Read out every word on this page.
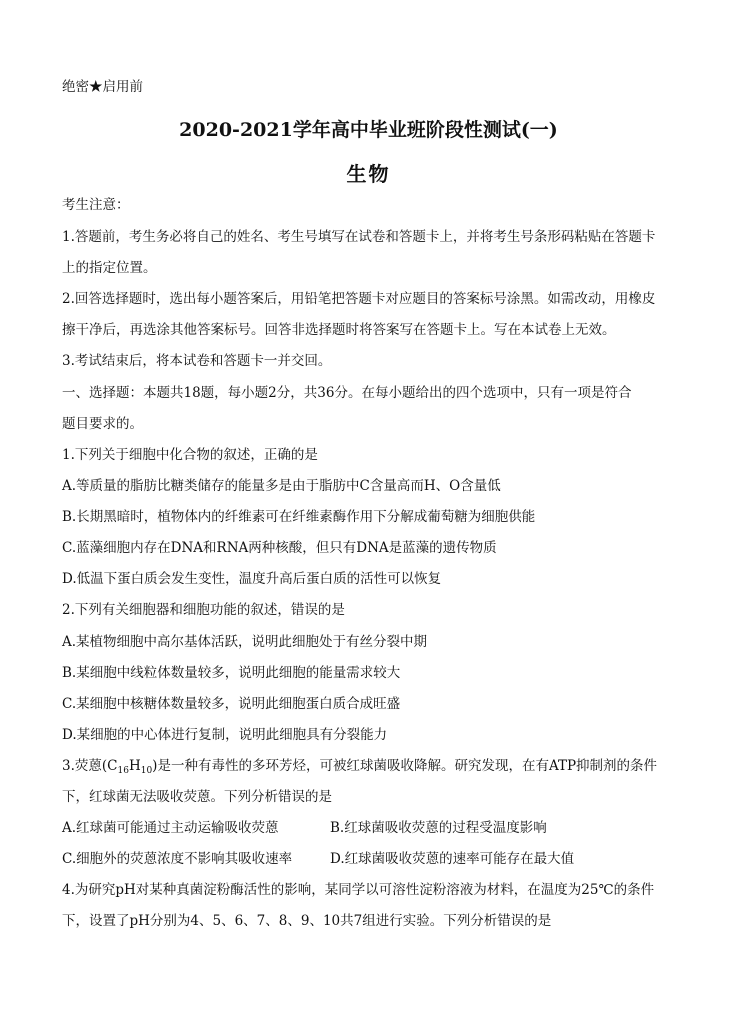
绝密★启用前
2020-2021学年高中毕业班阶段性测试(一)
生物
考生注意：
1.答题前，考生务必将自己的姓名、考生号填写在试卷和答题卡上，并将考生号条形码粘贴在答题卡
上的指定位置。
2.回答选择题时，选出每小题答案后，用铅笔把答题卡对应题目的答案标号涂黑。如需改动，用橡皮
擦干净后，再选涂其他答案标号。回答非选择题时将答案写在答题卡上。写在本试卷上无效。
3.考试结束后，将本试卷和答题卡一并交回。
一、选择题：本题共18题，每小题2分，共36分。在每小题给出的四个选项中，只有一项是符合
题目要求的。
1.下列关于细胞中化合物的叙述，正确的是
A.等质量的脂肪比糖类储存的能量多是由于脂肪中C含量高而H、O含量低
B.长期黑暗时，植物体内的纤维素可在纤维素酶作用下分解成葡萄糖为细胞供能
C.蓝藻细胞内存在DNA和RNA两种核酸，但只有DNA是蓝藻的遗传物质
D.低温下蛋白质会发生变性，温度升高后蛋白质的活性可以恢复
2.下列有关细胞器和细胞功能的叙述，错误的是
A.某植物细胞中高尔基体活跃，说明此细胞处于有丝分裂中期
B.某细胞中线粒体数量较多，说明此细胞的能量需求较大
C.某细胞中核糖体数量较多，说明此细胞蛋白质合成旺盛
D.某细胞的中心体进行复制，说明此细胞具有分裂能力
3.荧蒽$(C_{16}H_{10})$是一种有毒性的多环芳烃，可被红球菌吸收降解。研究发现，在有ATP抑制剂的条件
下，红球菌无法吸收荧蒽。下列分析错误的是
A.红球菌可能通过主动运输吸收荧蒽	B.红球菌吸收荧蒽的过程受温度影响
C.细胞外的荧蒽浓度不影响其吸收速率	D.红球菌吸收荧蒽的速率可能存在最大值
4.为研究pH对某种真菌淀粉酶活性的影响，某同学以可溶性淀粉溶液为材料，在温度为25℃的条件
下，设置了pH分别为4、5、6、7、8、9、10共7组进行实验。下列分析错误的是
